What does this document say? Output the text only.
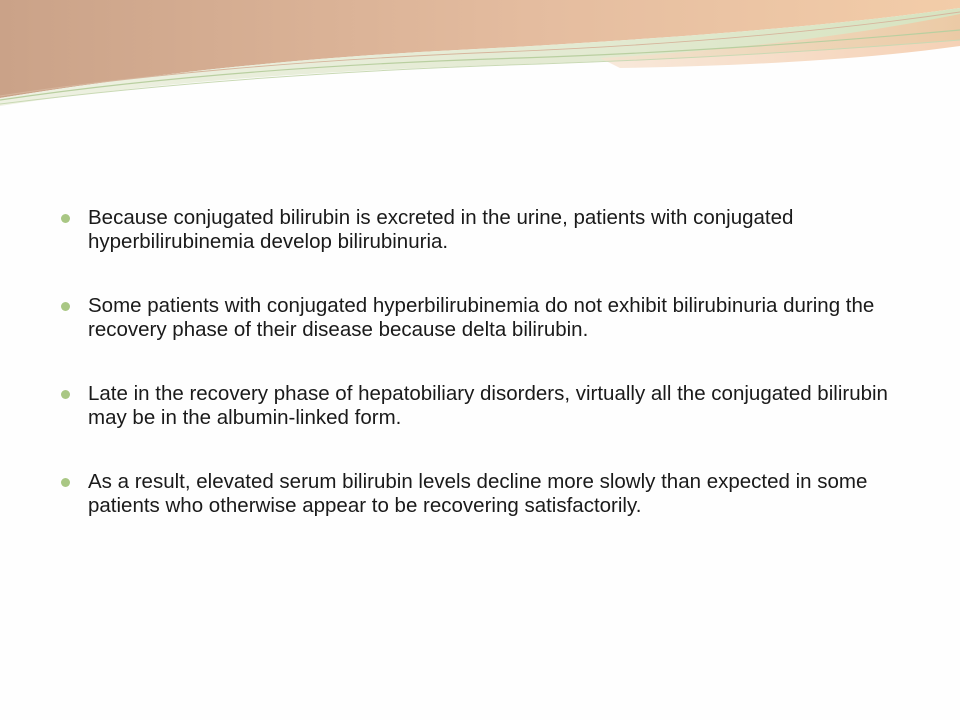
Because conjugated bilirubin is excreted in the urine, patients with conjugated hyperbilirubinemia develop bilirubinuria.
Some patients with conjugated hyperbilirubinemia do not exhibit bilirubinuria during the recovery phase of their disease because delta bilirubin.
Late in the recovery phase of hepatobiliary disorders, virtually all the conjugated bilirubin may be in the albumin-linked form.
As a result, elevated serum bilirubin levels decline more slowly than expected in some patients who otherwise appear to be recovering satisfactorily.
